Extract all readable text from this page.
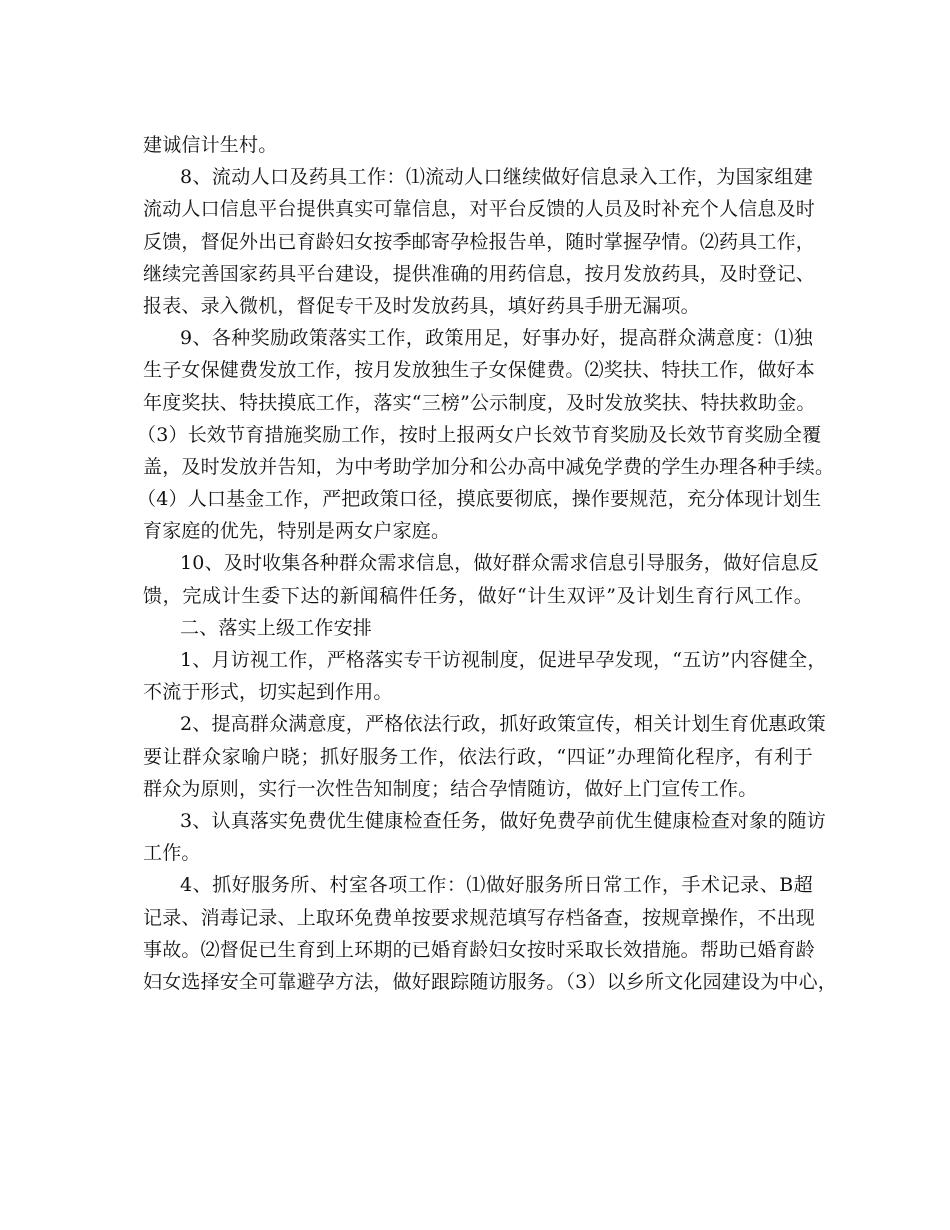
建诚信计生村。
8、流动人口及药具工作：⑴流动人口继续做好信息录入工作，为国家组建
流动人口信息平台提供真实可靠信息，对平台反馈的人员及时补充个人信息及时
反馈，督促外出已育龄妇女按季邮寄孕检报告单，随时掌握孕情。⑵药具工作，
继续完善国家药具平台建设，提供准确的用药信息，按月发放药具，及时登记、
报表、录入微机，督促专干及时发放药具，填好药具手册无漏项。
9、各种奖励政策落实工作，政策用足，好事办好，提高群众满意度：⑴独
生子女保健费发放工作，按月发放独生子女保健费。⑵奖扶、特扶工作，做好本
年度奖扶、特扶摸底工作，落实“三榜”公示制度，及时发放奖扶、特扶救助金。
（3）长效节育措施奖励工作，按时上报两女户长效节育奖励及长效节育奖励全覆
盖，及时发放并告知，为中考助学加分和公办高中减免学费的学生办理各种手续。
（4）人口基金工作，严把政策口径，摸底要彻底，操作要规范，充分体现计划生
育家庭的优先，特别是两女户家庭。
10、及时收集各种群众需求信息，做好群众需求信息引导服务，做好信息反
馈，完成计生委下达的新闻稿件任务，做好“计生双评”及计划生育行风工作。
二、落实上级工作安排
1、月访视工作，严格落实专干访视制度，促进早孕发现，“五访”内容健全，
不流于形式，切实起到作用。
2、提高群众满意度，严格依法行政，抓好政策宣传，相关计划生育优惠政策
要让群众家喻户晓；抓好服务工作，依法行政，“四证”办理简化程序，有利于
群众为原则，实行一次性告知制度；结合孕情随访，做好上门宣传工作。
3、认真落实免费优生健康检查任务，做好免费孕前优生健康检查对象的随访
工作。
4、抓好服务所、村室各项工作：⑴做好服务所日常工作，手术记录、B超
记录、消毒记录、上取环免费单按要求规范填写存档备查，按规章操作，不出现
事故。⑵督促已生育到上环期的已婚育龄妇女按时采取长效措施。帮助已婚育龄
妇女选择安全可靠避孕方法，做好跟踪随访服务。（3）以乡所文化园建设为中心，
